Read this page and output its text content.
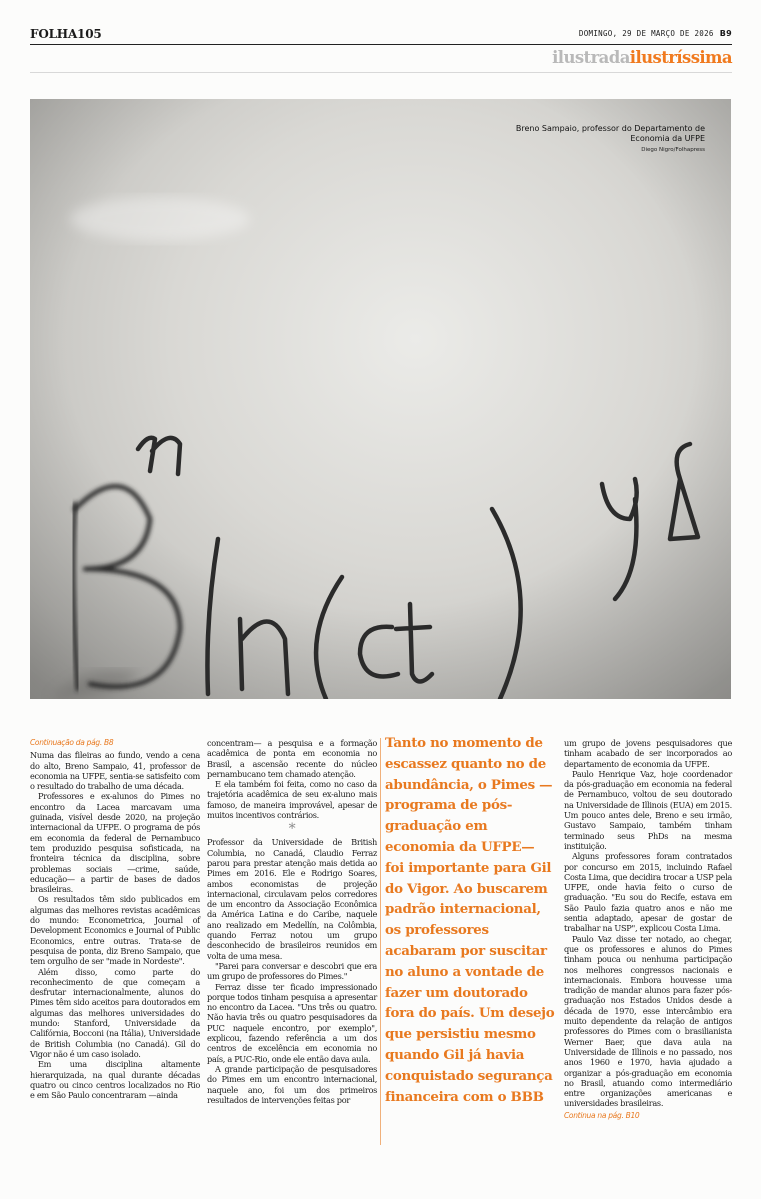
FOLHA105	DOMINGO, 29 DE MARÇO DE 2026 B9
ilustradailustríssima
Breno Sampaio, professor do Departamento de Economia da UFPE
Diego Nigro/Folhapress
Continuação da pág. B8

Numa das fileiras ao fundo, vendo a cena do alto, Breno Sampaio, 41, professor de economia na UFPE, sentia-se satisfeito com o resultado do trabalho de uma década.

Professores e ex-alunos do Pimes no encontro da Lacea marcavam uma guinada, visível desde 2020, na projeção internacional da UFPE. O programa de pós em economia da federal de Pernambuco tem produzido pesquisa sofisticada, na fronteira técnica da disciplina, sobre problemas sociais —crime, saúde, educação— a partir de bases de dados brasileiras.

Os resultados têm sido publicados em algumas das melhores revistas acadêmicas do mundo: Econometrica, Journal of Development Economics e Journal of Public Economics, entre outras. Trata-se de pesquisa de ponta, diz Breno Sampaio, que tem orgulho de ser "made in Nordeste".

Além disso, como parte do reconhecimento de que começam a desfrutar internacionalmente, alunos do Pimes têm sido aceitos para doutorados em algumas das melhores universidades do mundo: Stanford, Universidade da Califórnia, Bocconi (na Itália), Universidade de British Columbia (no Canadá). Gil do Vigor não é um caso isolado.

Em uma disciplina altamente hierarquizada, na qual durante décadas quatro ou cinco centros localizados no Rio e em São Paulo concentraram —ainda

concentram— a pesquisa e a formação acadêmica de ponta em economia no Brasil, a ascensão recente do núcleo pernambucano tem chamado atenção.

E ela também foi feita, como no caso da trajetória acadêmica de seu ex-aluno mais famoso, de maneira improvável, apesar de muitos incentivos contrários.

*

Professor da Universidade de British Columbia, no Canadá, Claudio Ferraz parou para prestar atenção mais detida ao Pimes em 2016. Ele e Rodrigo Soares, ambos economistas de projeção internacional, circulavam pelos corredores de um encontro da Associação Econômica da América Latina e do Caribe, naquele ano realizado em Medellín, na Colômbia, quando Ferraz notou um grupo desconhecido de brasileiros reunidos em volta de uma mesa.

"Parei para conversar e descobri que era um grupo de professores do Pimes."

Ferraz disse ter ficado impressionado porque todos tinham pesquisa a apresentar no encontro da Lacea. "Uns três ou quatro. Não havia três ou quatro pesquisadores da PUC naquele encontro, por exemplo", explicou, fazendo referência a um dos centros de excelência em economia no país, a PUC-Rio, onde ele então dava aula.

A grande participação de pesquisadores do Pimes em um encontro internacional, naquele ano, foi um dos primeiros resultados de intervenções feitas por

Tanto no momento de escassez quanto no de abundância, o Pimes —programa de pós-graduação em economia da UFPE— foi importante para Gil do Vigor. Ao buscarem padrão internacional, os professores acabaram por suscitar no aluno a vontade de fazer um doutorado fora do país. Um desejo que persistiu mesmo quando Gil já havia conquistado segurança financeira com o BBB

um grupo de jovens pesquisadores que tinham acabado de ser incorporados ao departamento de economia da UFPE.

Paulo Henrique Vaz, hoje coordenador da pós-graduação em economia na federal de Pernambuco, voltou de seu doutorado na Universidade de Illinois (EUA) em 2015. Um pouco antes dele, Breno e seu irmão, Gustavo Sampaio, também tinham terminado seus PhDs na mesma instituição.

Alguns professores foram contratados por concurso em 2015, incluindo Rafael Costa Lima, que decidira trocar a USP pela UFPE, onde havia feito o curso de graduação. "Eu sou do Recife, estava em São Paulo fazia quatro anos e não me sentia adaptado, apesar de gostar de trabalhar na USP", explicou Costa Lima.

Paulo Vaz disse ter notado, ao chegar, que os professores e alunos do Pimes tinham pouca ou nenhuma participação nos melhores congressos nacionais e internacionais. Embora houvesse uma tradição de mandar alunos para fazer pós-graduação nos Estados Unidos desde a década de 1970, esse intercâmbio era muito dependente da relação de antigos professores do Pimes com o brasilianista Werner Baer, que dava aula na Universidade de Illinois e no passado, nos anos 1960 e 1970, havia ajudado a organizar a pós-graduação em economia no Brasil, atuando como intermediário entre organizações americanas e universidades brasileiras.

Continua na pág. B10
